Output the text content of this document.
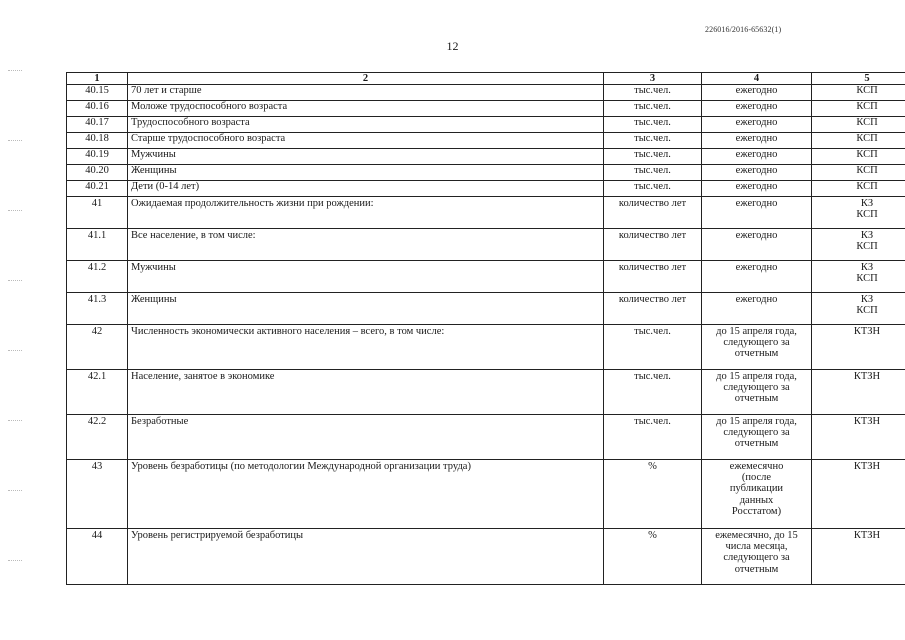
226016/2016-65632(1)
12
1	2	3	4	5
40.15	70 лет и старше	тыс.чел.	ежегодно	КСП
40.16	Моложе трудоспособного возраста	тыс.чел.	ежегодно	КСП
40.17	Трудоспособного возраста	тыс.чел.	ежегодно	КСП
40.18	Старше трудоспособного возраста	тыс.чел.	ежегодно	КСП
40.19	Мужчины	тыс.чел.	ежегодно	КСП
40.20	Женщины	тыс.чел.	ежегодно	КСП
40.21	Дети (0-14 лет)	тыс.чел.	ежегодно	КСП
41	Ожидаемая продолжительность жизни при рождении:	количество лет	ежегодно	КЗ
КСП

41.1	Все население, в том числе:	количество лет	ежегодно	КЗ
КСП

41.2	Мужчины	количество лет	ежегодно	КЗ
КСП

41.3	Женщины	количество лет	ежегодно	КЗ
КСП

42	Численность экономически активного населения – всего, в том числе:	тыс.чел.	до 15 апреля года,
следующего за
отчетным	КТЗН
42.1	Население, занятое в экономике	тыс.чел.	до 15 апреля года,
следующего за
отчетным	КТЗН
42.2	Безработные	тыс.чел.	до 15 апреля года,
следующего за
отчетным	КТЗН
43	Уровень безработицы (по методологии Международной организации труда)	%	ежемесячно
(после
публикации
данных
Росстатом)	КТЗН
44	Уровень регистрируемой безработицы	%	ежемесячно, до 15
числа месяца,
следующего за
отчетным	КТЗН
